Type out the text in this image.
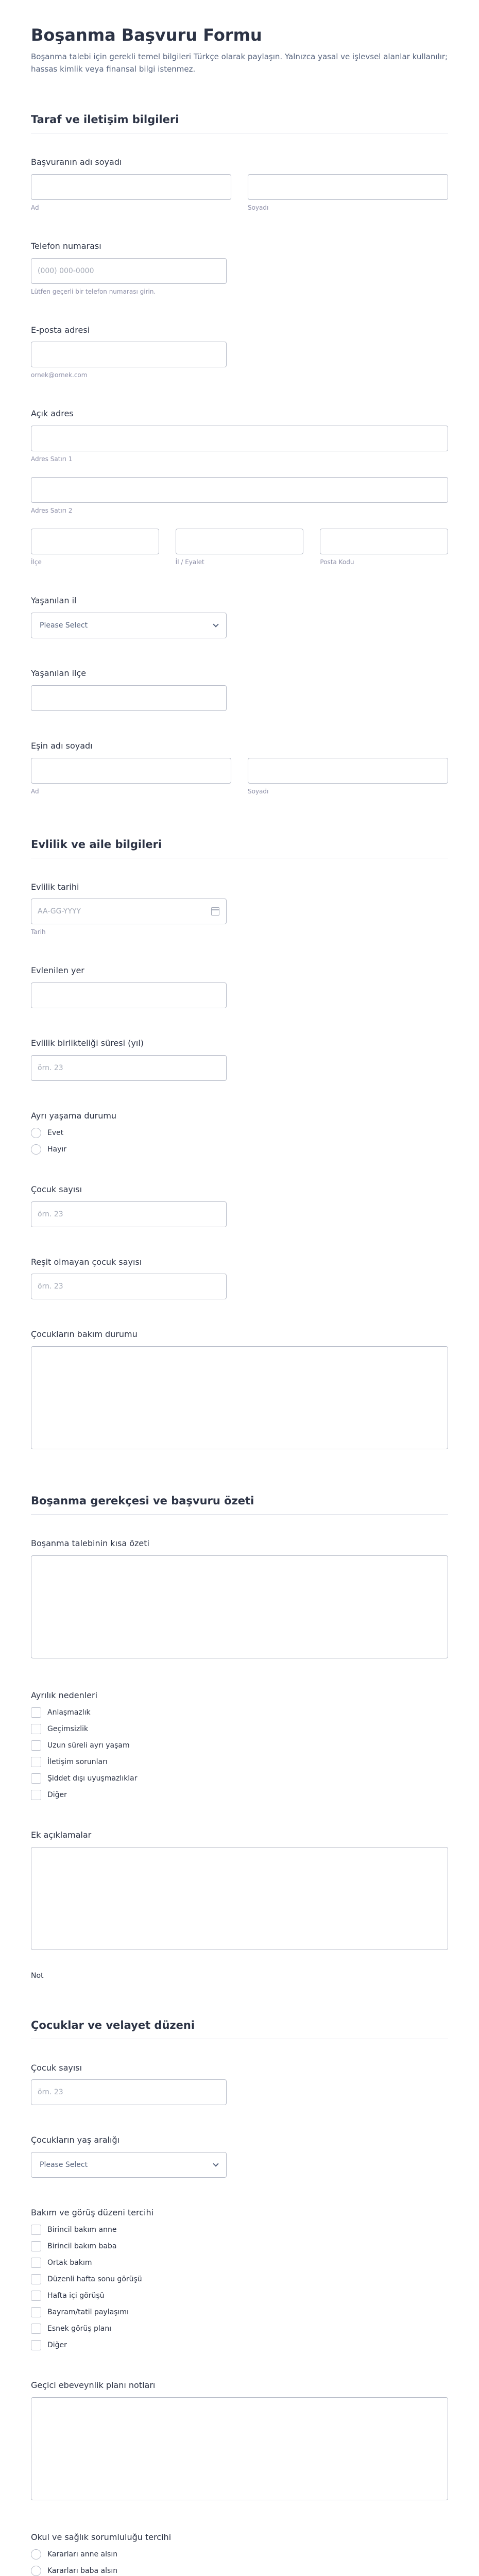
Boşanma Başvuru Formu

Boşanma talebi için gerekli temel bilgileri Türkçe olarak paylaşın. Yalnızca yasal ve işlevsel alanlar kullanılır; hassas kimlik veya finansal bilgi istenmez.

Taraf ve iletişim bilgileri
Başvuranın adı soyadı
Ad	Soyadı
Telefon numarası
(000) 000-0000
Lütfen geçerli bir telefon numarası girin.
E-posta adresi
ornek@ornek.com
Açık adres
Adres Satırı 1
Adres Satırı 2
İlçe	İl / Eyalet	Posta Kodu
Yaşanılan il
Please Select
Yaşanılan ilçe
Eşin adı soyadı
Ad	Soyadı
Evlilik ve aile bilgileri
Evlilik tarihi
AA-GG-YYYY
Tarih
Evlenilen yer
Evlilik birlikteliği süresi (yıl)
örn. 23
Ayrı yaşama durumu
Evet
Hayır
Çocuk sayısı
örn. 23
Reşit olmayan çocuk sayısı
örn. 23
Çocukların bakım durumu
Boşanma gerekçesi ve başvuru özeti
Boşanma talebinin kısa özeti
Ayrılık nedenleri
Anlaşmazlık
Geçimsizlik
Uzun süreli ayrı yaşam
İletişim sorunları
Şiddet dışı uyuşmazlıklar
Diğer
Ek açıklamalar
Not
Çocuklar ve velayet düzeni
Çocuk sayısı
örn. 23
Çocukların yaş aralığı
Please Select
Bakım ve görüş düzeni tercihi
Birincil bakım anne
Birincil bakım baba
Ortak bakım
Düzenli hafta sonu görüşü
Hafta içi görüşü
Bayram/tatil paylaşımı
Esnek görüş planı
Diğer
Geçici ebeveynlik planı notları
Okul ve sağlık sorumluluğu tercihi
Kararları anne alsın
Kararları baba alsın
